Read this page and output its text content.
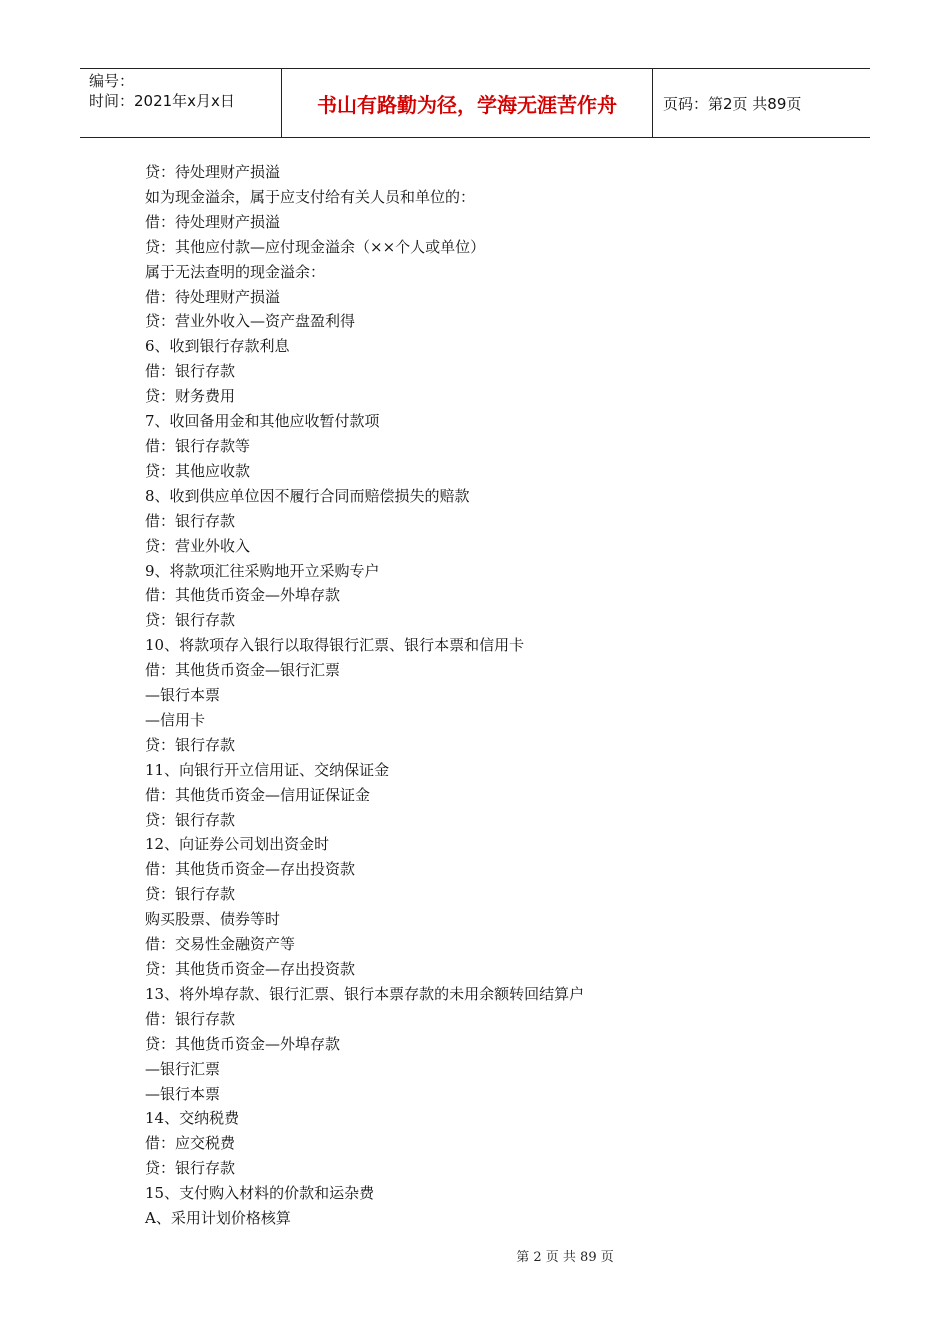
编号：
时间：2021年x月x日	书山有路勤为径，学海无涯苦作舟	页码：第2页 共89页
贷：待处理财产损溢
如为现金溢余，属于应支付给有关人员和单位的：
借：待处理财产损溢
贷：其他应付款—应付现金溢余（××个人或单位）
属于无法查明的现金溢余：
借：待处理财产损溢
贷：营业外收入—资产盘盈利得
6、收到银行存款利息
借：银行存款
贷：财务费用
7、收回备用金和其他应收暂付款项
借：银行存款等
贷：其他应收款
8、收到供应单位因不履行合同而赔偿损失的赔款
借：银行存款
贷：营业外收入
9、将款项汇往采购地开立采购专户
借：其他货币资金—外埠存款
贷：银行存款
10、将款项存入银行以取得银行汇票、银行本票和信用卡
借：其他货币资金—银行汇票
—银行本票
—信用卡
贷：银行存款
11、向银行开立信用证、交纳保证金
借：其他货币资金—信用证保证金
贷：银行存款
12、向证券公司划出资金时
借：其他货币资金—存出投资款
贷：银行存款
购买股票、债券等时
借：交易性金融资产等
贷：其他货币资金—存出投资款
13、将外埠存款、银行汇票、银行本票存款的未用余额转回结算户
借：银行存款
贷：其他货币资金—外埠存款
—银行汇票
—银行本票
14、交纳税费
借：应交税费
贷：银行存款
15、支付购入材料的价款和运杂费
A、采用计划价格核算
第 2 页 共 89 页
